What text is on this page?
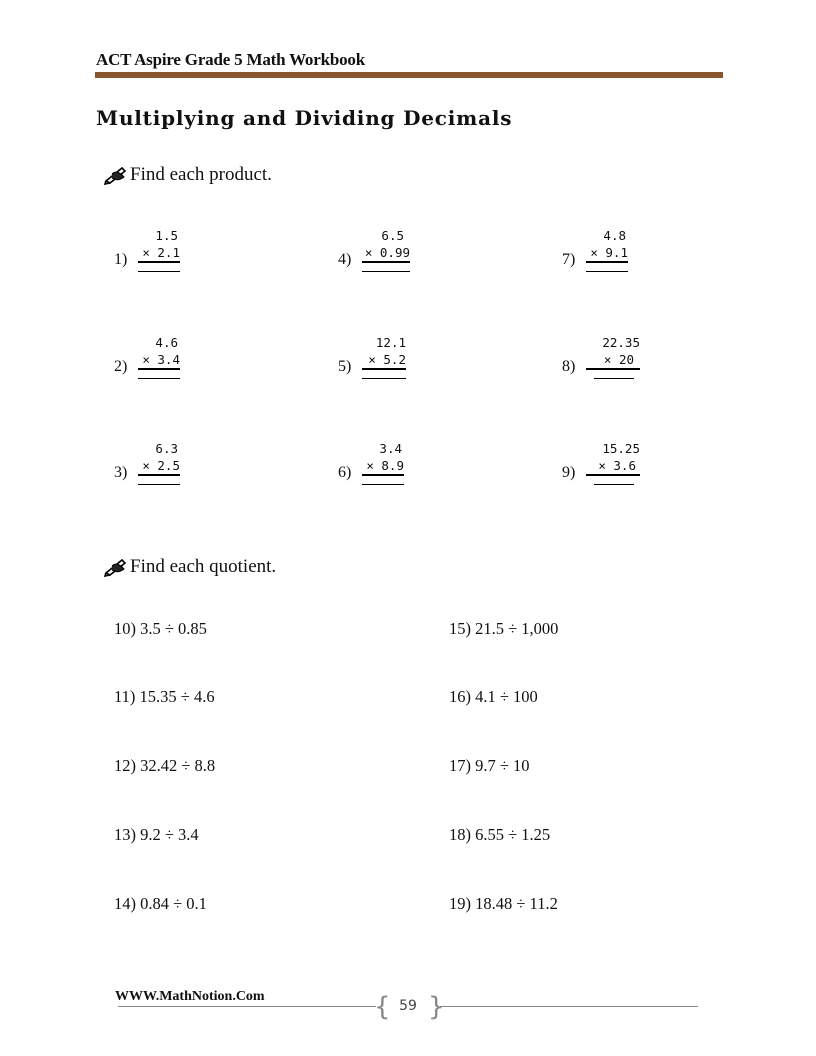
ACT Aspire Grade 5 Math Workbook
Multiplying and Dividing Decimals
Find each product.
1)
1.5
× 2.1
2)
4.6
× 3.4
3)
6.3
× 2.5
4)
6.5
× 0.99
5)
12.1
× 5.2
6)
3.4
× 8.9
7)
4.8
× 9.1
8)
22.35
× 20
9)
15.25
× 3.6
Find each quotient.
10) 3.5 ÷ 0.85
11) 15.35 ÷ 4.6
12) 32.42 ÷ 8.8
13) 9.2 ÷ 3.4
14) 0.84 ÷ 0.1
15) 21.5 ÷ 1,000
16) 4.1 ÷ 100
17) 9.7 ÷ 10
18) 6.55 ÷ 1.25
19) 18.48 ÷ 11.2
WWW.MathNotion.Com	{ }
59
